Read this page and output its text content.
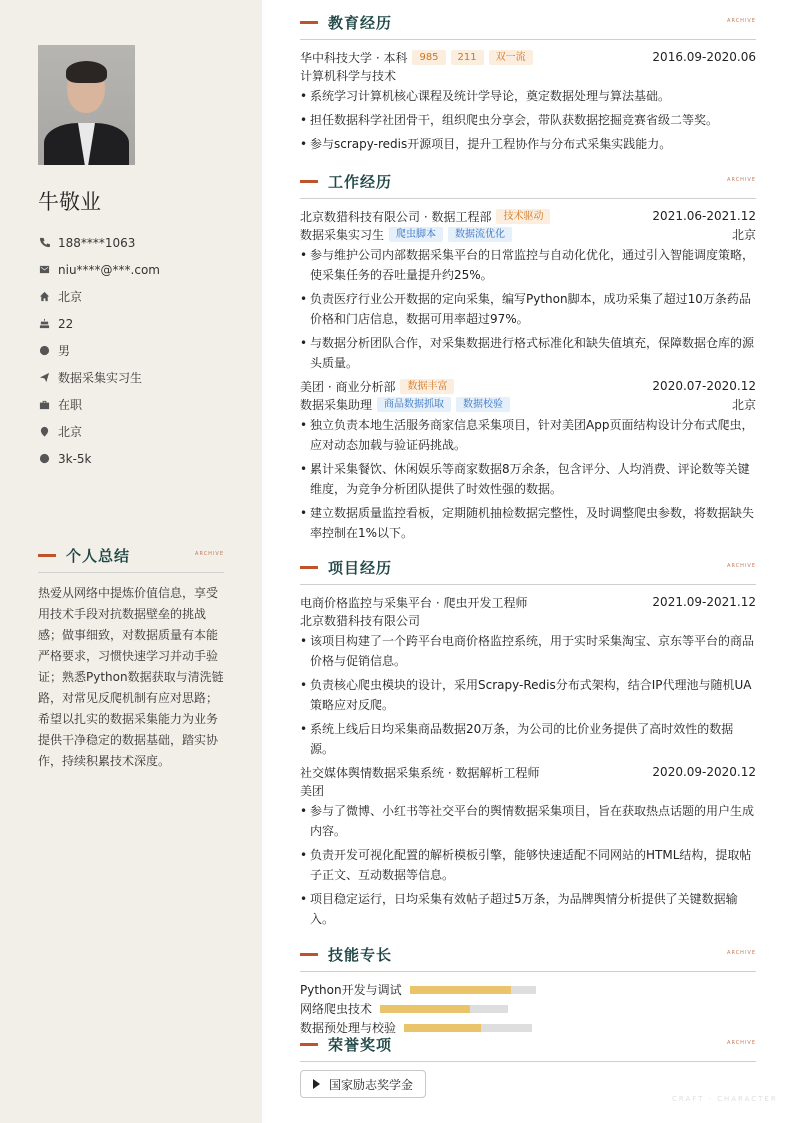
牛敬业
188****1063
niu****@***.com
北京
22
男
数据采集实习生
在职
北京
3k-5k
个人总结	ARCHIVE
热爱从网络中提炼价值信息，享受用技术手段对抗数据壁垒的挑战感；做事细致，对数据质量有本能严格要求，习惯快速学习并动手验证；熟悉Python数据获取与清洗链路，对常见反爬机制有应对思路；希望以扎实的数据采集能力为业务提供干净稳定的数据基础，踏实协作，持续积累技术深度。
教育经历	ARCHIVE
华中科技大学 · 本科	985	211	双一流	2016.09-2020.06
计算机科学与技术
• 系统学习计算机核心课程及统计学导论，奠定数据处理与算法基础。
• 担任数据科学社团骨干，组织爬虫分享会，带队获数据挖掘竞赛省级二等奖。
• 参与scrapy-redis开源项目，提升工程协作与分布式采集实践能力。
工作经历	ARCHIVE
北京数猎科技有限公司 · 数据工程部	技术驱动	2021.06-2021.12
数据采集实习生	爬虫脚本	数据流优化	北京
• 参与维护公司内部数据采集平台的日常监控与自动化优化，通过引入智能调度策略，使采集任务的吞吐量提升约25%。
• 负责医疗行业公开数据的定向采集，编写Python脚本，成功采集了超过10万条药品价格和门店信息，数据可用率超过97%。
• 与数据分析团队合作，对采集数据进行格式标准化和缺失值填充，保障数据仓库的源头质量。
美团 · 商业分析部	数据丰富	2020.07-2020.12
数据采集助理	商品数据抓取	数据校验	北京
• 独立负责本地生活服务商家信息采集项目，针对美团App页面结构设计分布式爬虫，应对动态加载与验证码挑战。
• 累计采集餐饮、休闲娱乐等商家数据8万余条，包含评分、人均消费、评论数等关键维度，为竞争分析团队提供了时效性强的数据。
• 建立数据质量监控看板，定期随机抽检数据完整性，及时调整爬虫参数，将数据缺失率控制在1%以下。
项目经历	ARCHIVE
电商价格监控与采集平台 · 爬虫开发工程师	2021.09-2021.12
北京数猎科技有限公司
• 该项目构建了一个跨平台电商价格监控系统，用于实时采集淘宝、京东等平台的商品价格与促销信息。
• 负责核心爬虫模块的设计，采用Scrapy-Redis分布式架构，结合IP代理池与随机UA策略应对反爬。
• 系统上线后日均采集商品数据20万条，为公司的比价业务提供了高时效性的数据源。
社交媒体舆情数据采集系统 · 数据解析工程师	2020.09-2020.12
美团
• 参与了微博、小红书等社交平台的舆情数据采集项目，旨在获取热点话题的用户生成内容。
• 负责开发可视化配置的解析模板引擎，能够快速适配不同网站的HTML结构，提取帖子正文、互动数据等信息。
• 项目稳定运行，日均采集有效帖子超过5万条，为品牌舆情分析提供了关键数据输入。
技能专长	ARCHIVE
Python开发与调试
网络爬虫技术
数据预处理与校验
荣誉奖项	ARCHIVE
国家励志奖学金
CRAFT · CHARACTER
